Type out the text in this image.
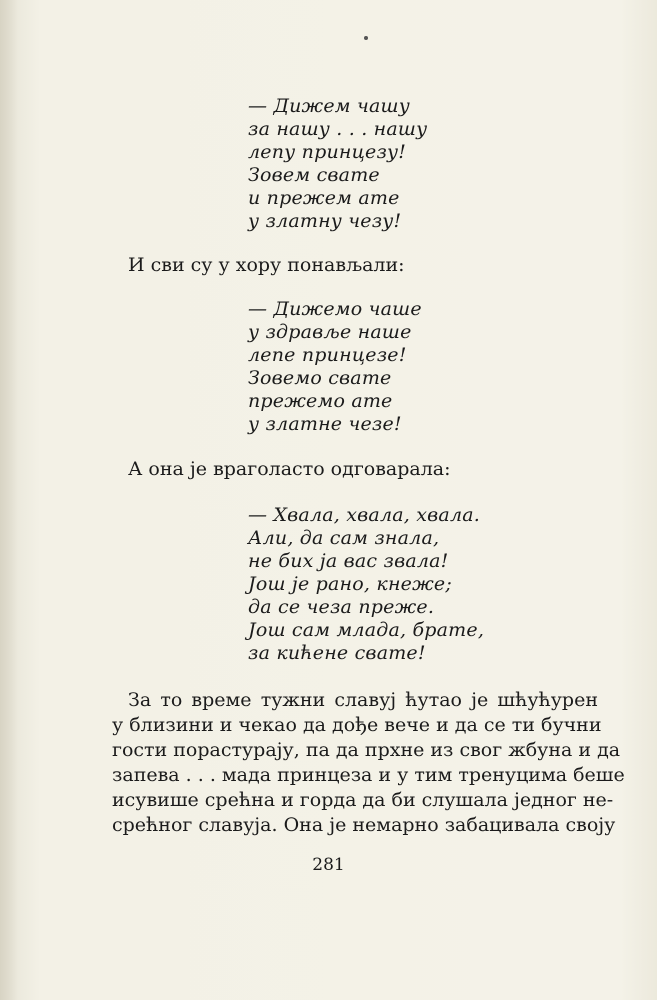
— Дижем чашу
за нашу . . . нашу
лепу принцезу!
Зовем свате
и прежем ате
у златну чезу!
И сви су у хору понављали:
— Дижемо чаше
у здравље наше
лепе принцезе!
Зовемо свате
прежемо ате
у златне чезе!
А она је враголасто одговарала:
— Хвала, хвала, хвала.
Али, да сам знала,
не бих ја вас звала!
Још је рано, кнеже;
да се чеза преже.
Још сам млада, брате,
за кићене свате!
За то време тужни славуј ћутао је шћућурен
у близини и чекао да дође вече и да се ти бучни
гости порастурају, па да прхне из свог жбуна и да
запева . . . мада принцеза и у тим тренуцима беше
исувише срећна и горда да би слушала једног не-
срећног славуја. Она је немарно забацивала своју
281
